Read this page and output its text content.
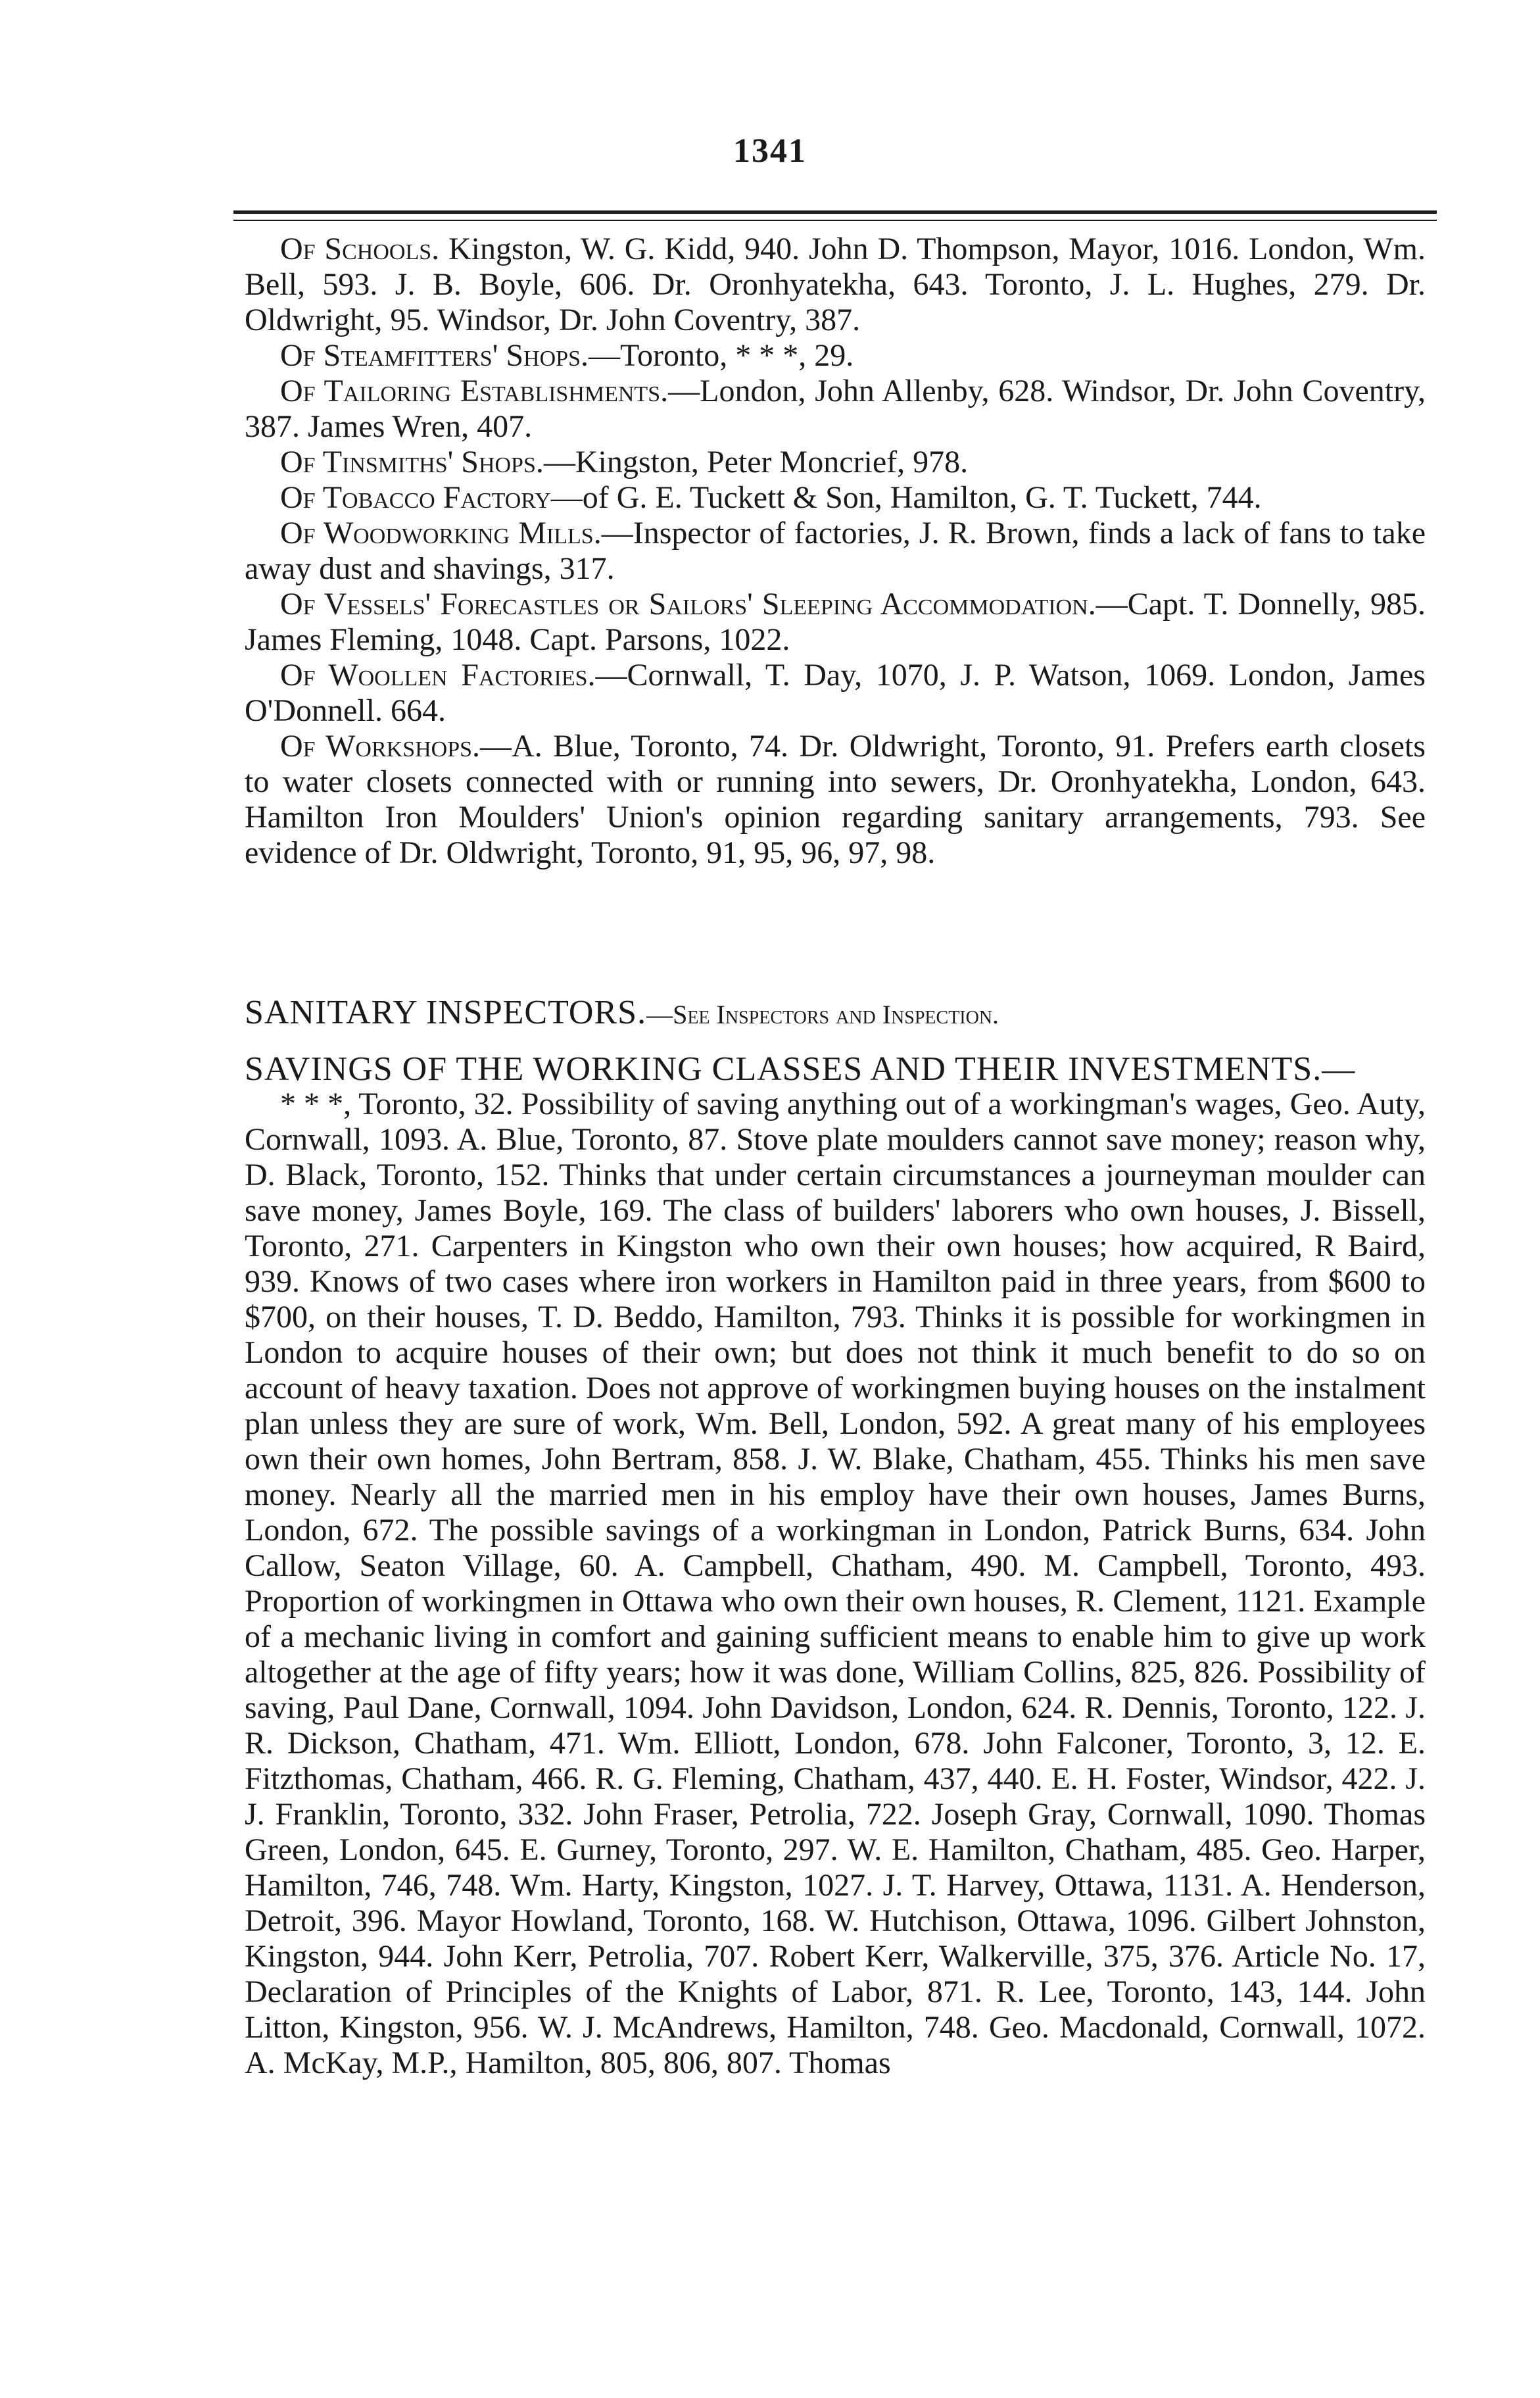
1341

Of Schools. Kingston, W. G. Kidd, 940. John D. Thompson, Mayor, 1016. London, Wm. Bell, 593. J. B. Boyle, 606. Dr. Oronhyatekha, 643. Toronto, J. L. Hughes, 279. Dr. Oldwright, 95. Windsor, Dr. John Coventry, 387.

Of Steamfitters' Shops.—Toronto, * * *, 29.

Of Tailoring Establishments.—London, John Allenby, 628. Windsor, Dr. John Coventry, 387. James Wren, 407.

Of Tinsmiths' Shops.—Kingston, Peter Moncrief, 978.

Of Tobacco Factory—of G. E. Tuckett & Son, Hamilton, G. T. Tuckett, 744.

Of Woodworking Mills.—Inspector of factories, J. R. Brown, finds a lack of fans to take away dust and shavings, 317.

Of Vessels' Forecastles or Sailors' Sleeping Accommodation.—Capt. T. Donnelly, 985. James Fleming, 1048. Capt. Parsons, 1022.

Of Woollen Factories.—Cornwall, T. Day, 1070, J. P. Watson, 1069. London, James O'Donnell. 664.

Of Workshops.—A. Blue, Toronto, 74. Dr. Oldwright, Toronto, 91. Prefers earth closets to water closets connected with or running into sewers, Dr. Oronhyatekha, London, 643. Hamilton Iron Moulders' Union's opinion regarding sanitary arrangements, 793. See evidence of Dr. Oldwright, Toronto, 91, 95, 96, 97, 98.

SANITARY INSPECTORS.—See Inspectors and Inspection.
SAVINGS OF THE WORKING CLASSES AND THEIR INVESTMENTS.—
* * *, Toronto, 32. Possibility of saving anything out of a workingman's wages, Geo. Auty, Cornwall, 1093. A. Blue, Toronto, 87. Stove plate moulders cannot save money; reason why, D. Black, Toronto, 152. Thinks that under certain circumstances a journeyman moulder can save money, James Boyle, 169. The class of builders' laborers who own houses, J. Bissell, Toronto, 271. Carpenters in Kingston who own their own houses; how acquired, R Baird, 939. Knows of two cases where iron workers in Hamilton paid in three years, from $600 to $700, on their houses, T. D. Beddo, Hamilton, 793. Thinks it is possible for workingmen in London to acquire houses of their own; but does not think it much benefit to do so on account of heavy taxation. Does not approve of workingmen buying houses on the instalment plan unless they are sure of work, Wm. Bell, London, 592. A great many of his employees own their own homes, John Bertram, 858. J. W. Blake, Chatham, 455. Thinks his men save money. Nearly all the married men in his employ have their own houses, James Burns, London, 672. The possible savings of a workingman in London, Patrick Burns, 634. John Callow, Seaton Village, 60. A. Campbell, Chatham, 490. M. Campbell, Toronto, 493. Proportion of workingmen in Ottawa who own their own houses, R. Clement, 1121. Example of a mechanic living in comfort and gaining sufficient means to enable him to give up work altogether at the age of fifty years; how it was done, William Collins, 825, 826. Possibility of saving, Paul Dane, Cornwall, 1094. John Davidson, London, 624. R. Dennis, Toronto, 122. J. R. Dickson, Chatham, 471. Wm. Elliott, London, 678. John Falconer, Toronto, 3, 12. E. Fitzthomas, Chatham, 466. R. G. Fleming, Chatham, 437, 440. E. H. Foster, Windsor, 422. J. J. Franklin, Toronto, 332. John Fraser, Petrolia, 722. Joseph Gray, Cornwall, 1090. Thomas Green, London, 645. E. Gurney, Toronto, 297. W. E. Hamilton, Chatham, 485. Geo. Harper, Hamilton, 746, 748. Wm. Harty, Kingston, 1027. J. T. Harvey, Ottawa, 1131. A. Henderson, Detroit, 396. Mayor Howland, Toronto, 168. W. Hutchison, Ottawa, 1096. Gilbert Johnston, Kingston, 944. John Kerr, Petrolia, 707. Robert Kerr, Walkerville, 375, 376. Article No. 17, Declaration of Principles of the Knights of Labor, 871. R. Lee, Toronto, 143, 144. John Litton, Kingston, 956. W. J. McAndrews, Hamilton, 748. Geo. Macdonald, Cornwall, 1072. A. McKay, M.P., Hamilton, 805, 806, 807. Thomas
